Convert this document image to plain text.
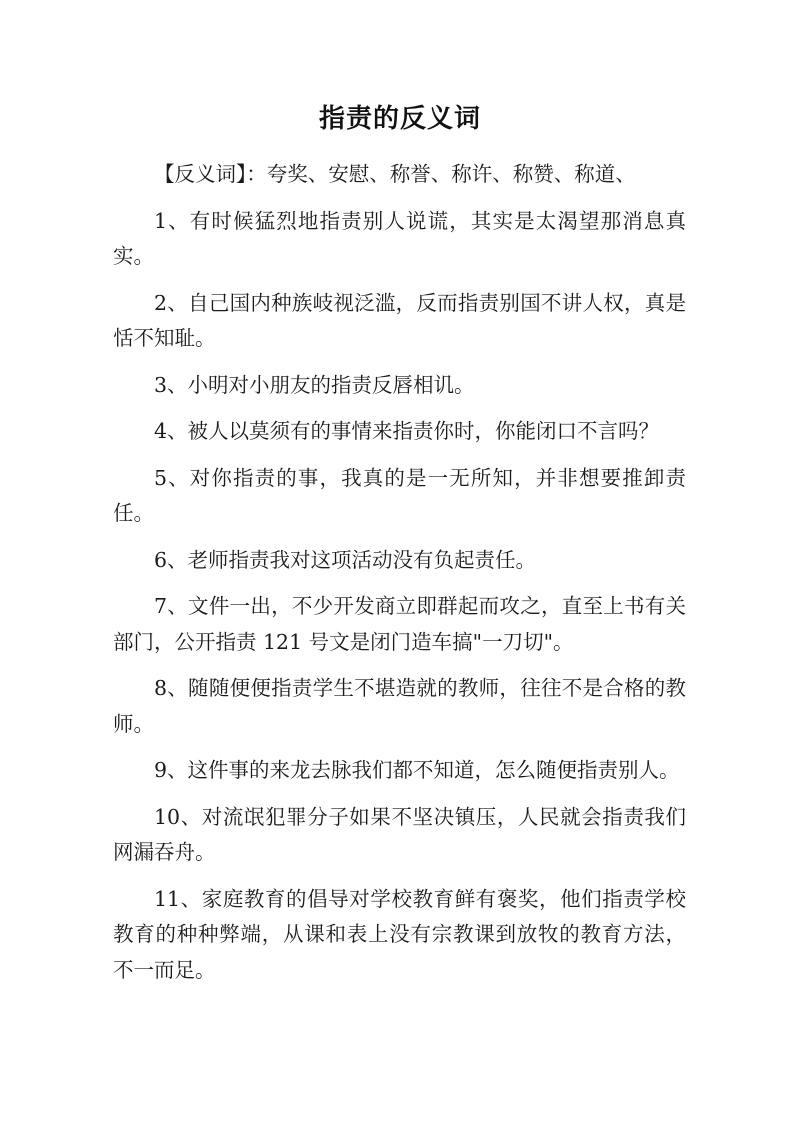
指责的反义词

【反义词】：夸奖、安慰、称誉、称许、称赞、称道、

1、有时候猛烈地指责别人说谎，其实是太渴望那消息真实。

2、自己国内种族岐视泛滥，反而指责别国不讲人权，真是恬不知耻。

3、小明对小朋友的指责反唇相讥。

4、被人以莫须有的事情来指责你时，你能闭口不言吗？

5、对你指责的事，我真的是一无所知，并非想要推卸责任。

6、老师指责我对这项活动没有负起责任。

7、文件一出，不少开发商立即群起而攻之，直至上书有关部门，公开指责 121 号文是闭门造车搞"一刀切"。

8、随随便便指责学生不堪造就的教师，往往不是合格的教师。

9、这件事的来龙去脉我们都不知道，怎么随便指责别人。

10、对流氓犯罪分子如果不坚决镇压，人民就会指责我们网漏吞舟。

11、家庭教育的倡导对学校教育鲜有褒奖，他们指责学校教育的种种弊端，从课和表上没有宗教课到放牧的教育方法，不一而足。
